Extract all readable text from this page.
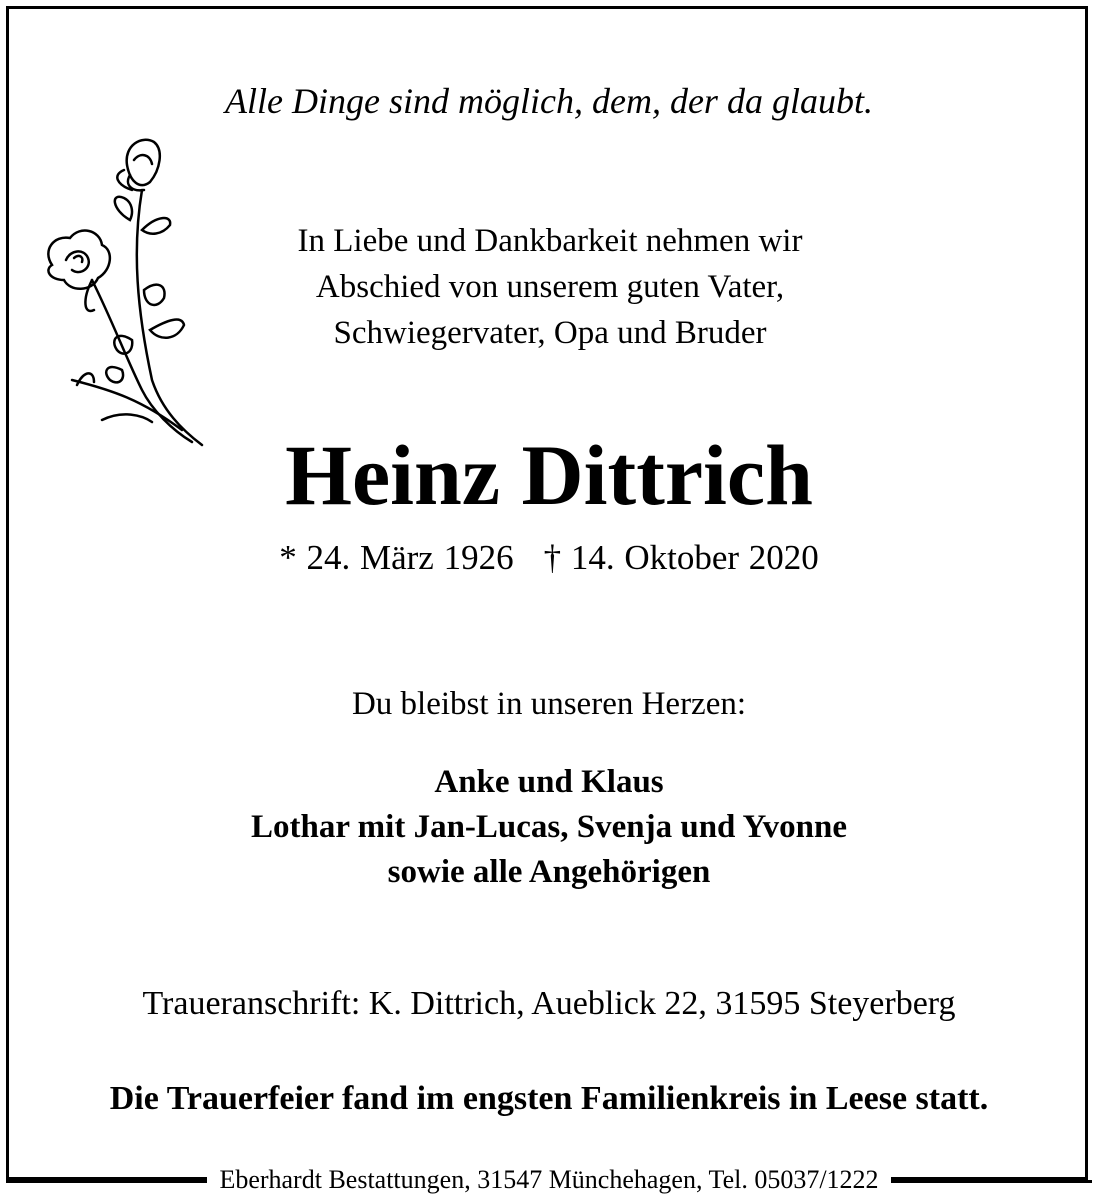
Alle Dinge sind möglich, dem, der da glaubt.
In Liebe und Dankbarkeit nehmen wir
Abschied von unserem guten Vater,
Schwiegervater, Opa und Bruder
Heinz Dittrich
* 24. März 1926 † 14. Oktober 2020
Du bleibst in unseren Herzen:
Anke und Klaus
Lothar mit Jan-Lucas, Svenja und Yvonne
sowie alle Angehörigen
Traueranschrift: K. Dittrich, Aueblick 22, 31595 Steyerberg
Die Trauerfeier fand im engsten Familienkreis in Leese statt.
Eberhardt Bestattungen, 31547 Münchehagen, Tel. 05037/1222
